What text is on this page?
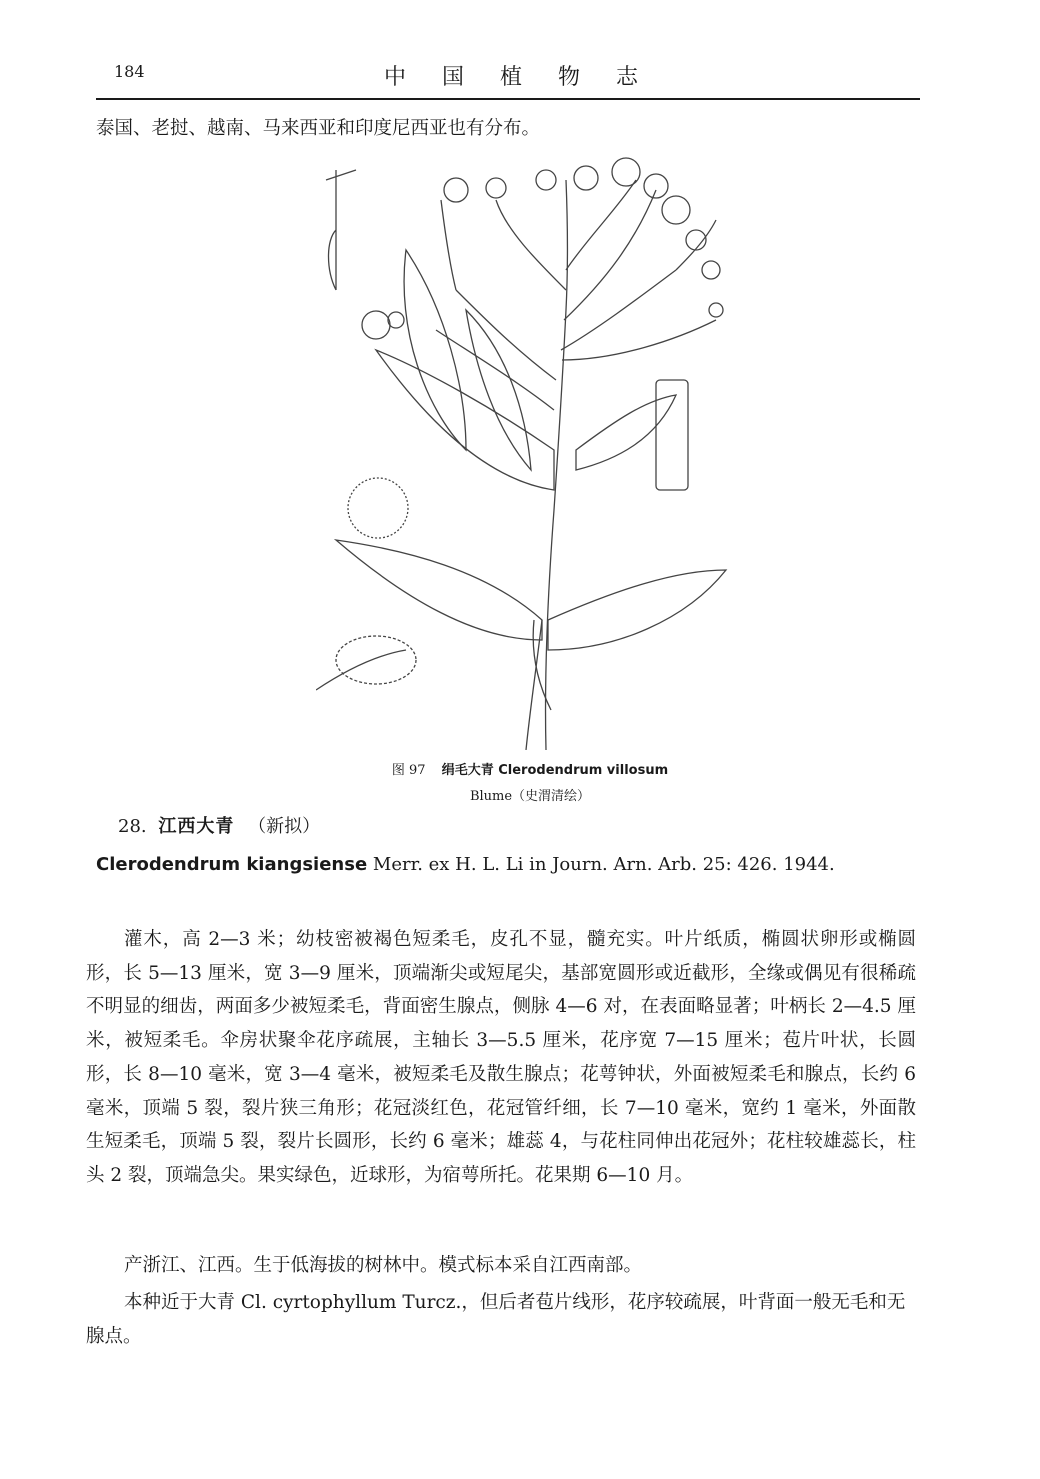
184	中国植物志

泰国、老挝、越南、马来西亚和印度尼西亚也有分布。

图 97 绢毛大青 Clerodendrum villosum
Blume（史渭清绘）
28. 江西大青 （新拟）
Clerodendrum kiangsiense Merr. ex H. L. Li in Journ. Arn. Arb. 25: 426. 1944.

灌木，高 2—3 米；幼枝密被褐色短柔毛，皮孔不显，髓充实。叶片纸质，椭圆状卵形或椭圆形，长 5—13 厘米，宽 3—9 厘米，顶端渐尖或短尾尖，基部宽圆形或近截形，全缘或偶见有很稀疏不明显的细齿，两面多少被短柔毛，背面密生腺点，侧脉 4—6 对，在表面略显著；叶柄长 2—4.5 厘米，被短柔毛。伞房状聚伞花序疏展，主轴长 3—5.5 厘米，花序宽 7—15 厘米；苞片叶状，长圆形，长 8—10 毫米，宽 3—4 毫米，被短柔毛及散生腺点；花萼钟状，外面被短柔毛和腺点，长约 6 毫米，顶端 5 裂，裂片狭三角形；花冠淡红色，花冠管纤细，长 7—10 毫米，宽约 1 毫米，外面散生短柔毛，顶端 5 裂，裂片长圆形，长约 6 毫米；雄蕊 4，与花柱同伸出花冠外；花柱较雄蕊长，柱头 2 裂，顶端急尖。果实绿色，近球形，为宿萼所托。花果期 6—10 月。

产浙江、江西。生于低海拔的树林中。模式标本采自江西南部。

本种近于大青 Cl. cyrtophyllum Turcz.，但后者苞片线形，花序较疏展，叶背面一般无毛和无腺点。
